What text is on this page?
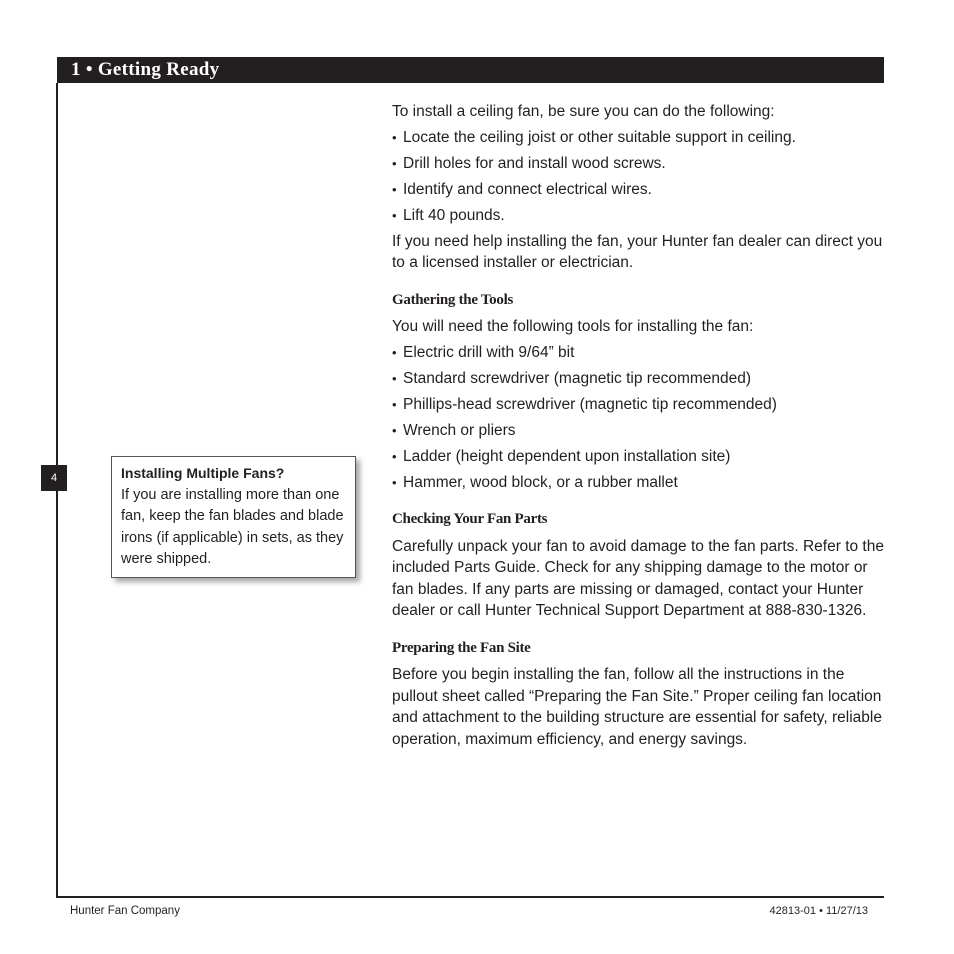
1 • Getting Ready
4	Installing Multiple Fans?
If you are installing more than one fan, keep the fan blades and blade irons (if applicable) in sets, as they were shipped.

To install a ceiling fan, be sure you can do the following:

• Locate the ceiling joist or other suitable support in ceiling.
• Drill holes for and install wood screws.
• Identify and connect electrical wires.
• Lift 40 pounds.

If you need help installing the fan, your Hunter fan dealer can direct you to a licensed installer or electrician.

Gathering the Tools

You will need the following tools for installing the fan:

• Electric drill with 9/64” bit
• Standard screwdriver (magnetic tip recommended)
• Phillips-head screwdriver (magnetic tip recommended)
• Wrench or pliers
• Ladder (height dependent upon installation site)
• Hammer, wood block, or a rubber mallet

Checking Your Fan Parts

Carefully unpack your fan to avoid damage to the fan parts. Refer to the included Parts Guide. Check for any shipping damage to the motor or fan blades. If any parts are missing or damaged, contact your Hunter dealer or call Hunter Technical Support Department at 888-830-1326.

Preparing the Fan Site

Before you begin installing the fan, follow all the instructions in the pullout sheet called “Preparing the Fan Site.” Proper ceiling fan location and attachment to the building structure are essential for safety, reliable operation, maximum efficiency, and energy savings.

Hunter Fan Company	42813-01 • 11/27/13
